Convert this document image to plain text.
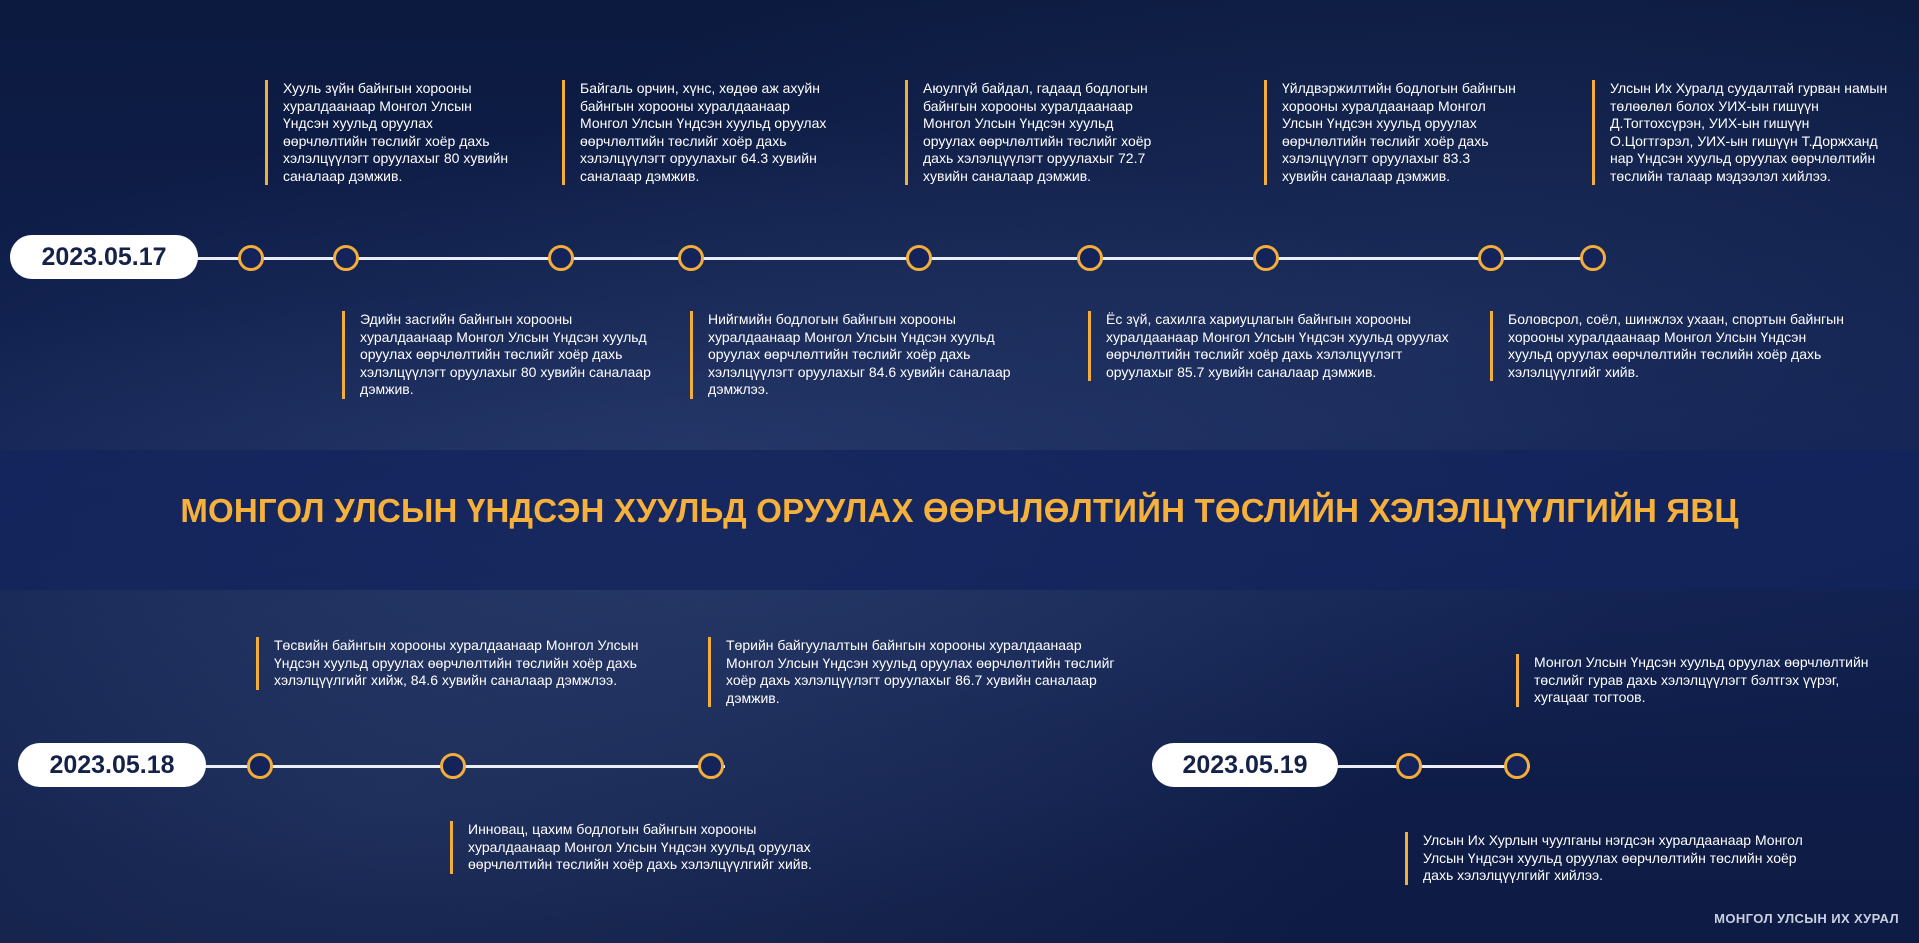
МОНГОЛ УЛСЫН ҮНДСЭН ХУУЛЬД ОРУУЛАХ ӨӨРЧЛӨЛТИЙН ТӨСЛИЙН ХЭЛЭЛЦҮҮЛГИЙН ЯВЦ
2023.05.17
Хууль зүйн байнгын хорооны хуралдаанаар Монгол Улсын Үндсэн хуульд оруулах өөрчлөлтийн төслийг хоёр дахь хэлэлцүүлэгт оруулахыг 80 хувийн саналаар дэмжив.
Байгаль орчин, хүнс, хөдөө аж ахуйн байнгын хорооны хуралдаанаар Монгол Улсын Үндсэн хуульд оруулах өөрчлөлтийн төслийг хоёр дахь хэлэлцүүлэгт оруулахыг 64.3 хувийн саналаар дэмжив.
Аюулгүй байдал, гадаад бодлогын байнгын хорооны хуралдаанаар Монгол Улсын Үндсэн хуульд оруулах өөрчлөлтийн төслийг хоёр дахь хэлэлцүүлэгт оруулахыг 72.7 хувийн саналаар дэмжив.
Үйлдвэржилтийн бодлогын байнгын хорооны хуралдаанаар Монгол Улсын Үндсэн хуульд оруулах өөрчлөлтийн төслийг хоёр дахь хэлэлцүүлэгт оруулахыг 83.3 хувийн саналаар дэмжив.
Улсын Их Хуралд суудалтай гурван намын төлөөлөл болох УИХ-ын гишүүн Д.Тогтохсүрэн, УИХ-ын гишүүн О.Цогтгэрэл, УИХ-ын гишүүн Т.Доржханд нар Үндсэн хуульд оруулах өөрчлөлтийн төслийн талаар мэдээлэл хийлээ.
Эдийн засгийн байнгын хорооны хуралдаанаар Монгол Улсын Үндсэн хуульд оруулах өөрчлөлтийн төслийг хоёр дахь хэлэлцүүлэгт оруулахыг 80 хувийн саналаар дэмжив.
Нийгмийн бодлогын байнгын хорооны хуралдаанаар Монгол Улсын Үндсэн хуульд оруулах өөрчлөлтийн төслийг хоёр дахь хэлэлцүүлэгт оруулахыг 84.6 хувийн саналаар дэмжлээ.
Ёс зүй, сахилга хариуцлагын байнгын хорооны хуралдаанаар Монгол Улсын Үндсэн хуульд оруулах өөрчлөлтийн төслийг хоёр дахь хэлэлцүүлэгт оруулахыг 85.7 хувийн саналаар дэмжив.
Боловсрол, соёл, шинжлэх ухаан, спортын байнгын хорооны хуралдаанаар Монгол Улсын Үндсэн хуульд оруулах өөрчлөлтийн төслийн хоёр дахь хэлэлцүүлгийг хийв.
2023.05.18
Төсвийн байнгын хорооны хуралдаанаар Монгол Улсын Үндсэн хуульд оруулах өөрчлөлтийн төслийн хоёр дахь хэлэлцүүлгийг хийж, 84.6 хувийн саналаар дэмжлээ.
Төрийн байгуулалтын байнгын хорооны хуралдаанаар Монгол Улсын Үндсэн хуульд оруулах өөрчлөлтийн төслийг хоёр дахь хэлэлцүүлэгт оруулахыг 86.7 хувийн саналаар дэмжив.
Инновац, цахим бодлогын байнгын хорооны хуралдаанаар Монгол Улсын Үндсэн хуульд оруулах өөрчлөлтийн төслийн хоёр дахь хэлэлцүүлгийг хийв.
2023.05.19
Монгол Улсын Үндсэн хуульд оруулах өөрчлөлтийн төслийг гурав дахь хэлэлцүүлэгт бэлтгэх үүрэг, хугацааг тогтоов.
Улсын Их Хурлын чуулганы нэгдсэн хуралдаанаар Монгол Улсын Үндсэн хуульд оруулах өөрчлөлтийн төслийн хоёр дахь хэлэлцүүлгийг хийлээ.
МОНГОЛ УЛСЫН ИХ ХУРАЛ
